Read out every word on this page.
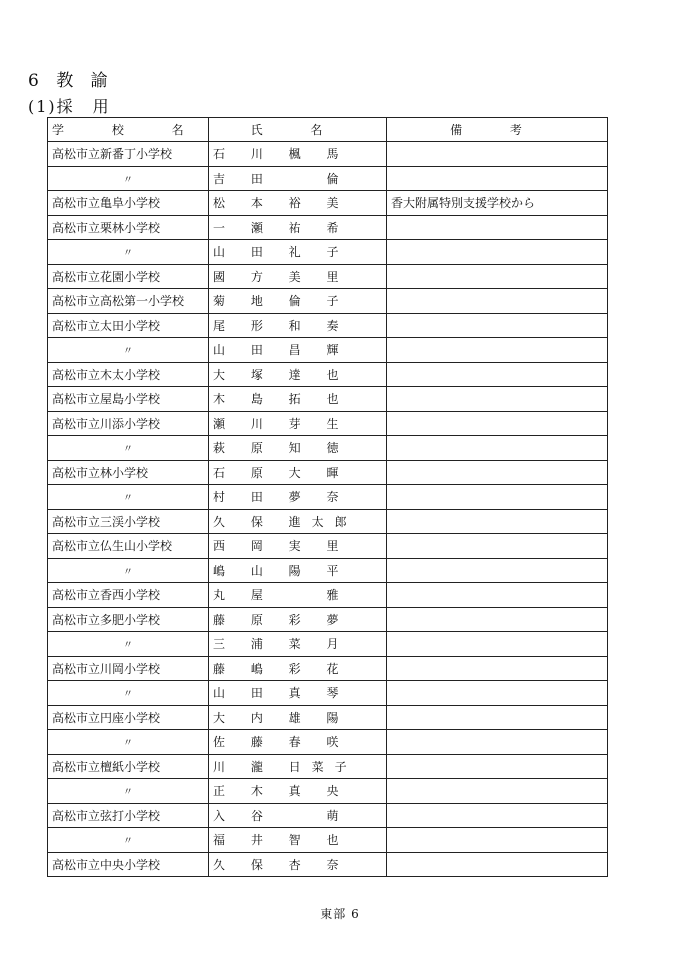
6 教 諭
(1)採　用
学 校 名	氏 名	備 考
高松市立新番丁小学校	石 川 楓 馬	
〃	吉 田 　 倫	
高松市立亀阜小学校	松 本 裕 美	香大附属特別支援学校から
高松市立栗林小学校	一 瀬 祐 希	
〃	山 田 礼 子	
高松市立花園小学校	國 方 美 里	
高松市立高松第一小学校	菊 地 倫 子	
高松市立太田小学校	尾 形 和 奏	
〃	山 田 昌 輝	
高松市立木太小学校	大 塚 達 也	
高松市立屋島小学校	木 島 拓 也	
高松市立川添小学校	瀬 川 芽 生	
〃	萩 原 知 徳	
高松市立林小学校	石 原 大 暉	
〃	村 田 夢 奈	
高松市立三渓小学校	久 保 進太郎	
高松市立仏生山小学校	西 岡 実 里	
〃	嶋 山 陽 平	
高松市立香西小学校	丸 屋 　 雅	
高松市立多肥小学校	藤 原 彩 夢	
〃	三 浦 菜 月	
高松市立川岡小学校	藤 嶋 彩 花	
〃	山 田 真 琴	
高松市立円座小学校	大 内 雄 陽	
〃	佐 藤 春 咲	
高松市立檀紙小学校	川 瀧 日菜子	
〃	正 木 真 央	
高松市立弦打小学校	入 谷 　 萌	
〃	福 井 智 也	
高松市立中央小学校	久 保 杏 奈	
東部 6
